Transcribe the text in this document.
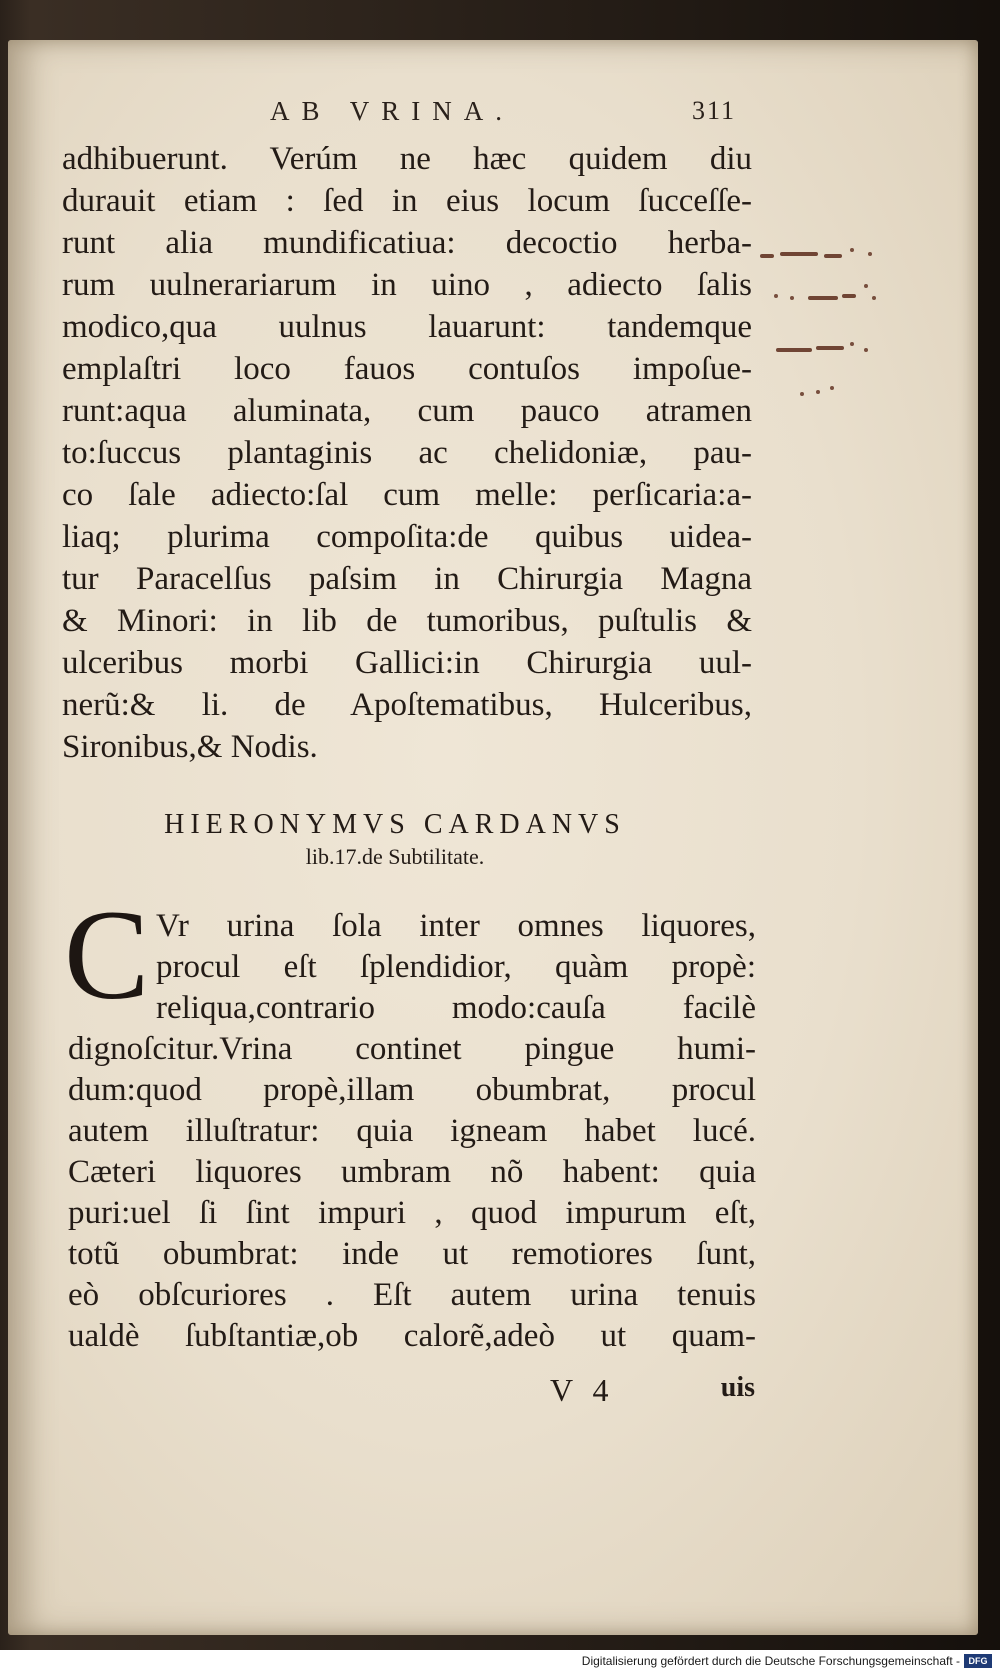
AB VRINA.	311
adhibuerunt. Verúm ne hæc quidem diu
durauit etiam : ſed in eius locum ſucceſſe-
runt alia mundificatiua: decoctio herba-
rum uulnerariarum in uino , adiecto ſalis
modico,qua uulnus lauarunt: tandemque
emplaſtri loco fauos contuſos impoſue-
runt:aqua aluminata, cum pauco atramen
to:ſuccus plantaginis ac chelidoniæ, pau-
co ſale adiecto:ſal cum melle: perſicaria:a-
liaq; plurima compoſita:de quibus uidea-
tur Paracelſus paſsim in Chirurgia Magna
& Minori: in lib de tumoribus, puſtulis &
ulceribus morbi Gallici:in Chirurgia uul-
nerũ:& li. de Apoſtematibus, Hulceribus,
Sironibus,& Nodis.
HIERONYMVS CARDANVS
lib.17.de Subtilitate.
C Vr urina ſola inter omnes liquores,
procul eſt ſplendidior, quàm propè:
reliqua,contrario modo:cauſa facilè
dignoſcitur.Vrina continet pingue humi-
dum:quod propè,illam obumbrat, procul
autem illuſtratur: quia igneam habet lucé.
Cæteri liquores umbram nõ habent: quia
puri:uel ſi ſint impuri , quod impurum eſt,
totũ obumbrat: inde ut remotiores ſunt,
eò obſcuriores . Eſt autem urina tenuis
ualdè ſubſtantiæ,ob calorẽ,adeò ut quam-
V 4	uis
Digitalisierung gefördert durch die Deutsche Forschungsgemeinschaft - DFG
